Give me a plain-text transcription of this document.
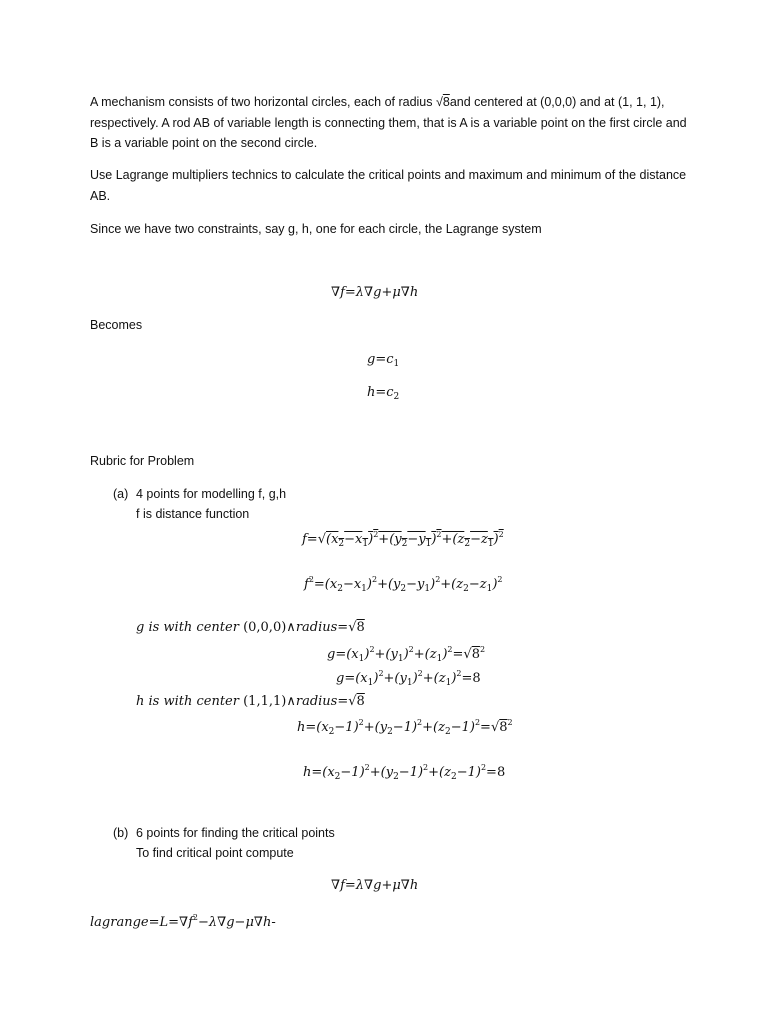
A mechanism consists of two horizontal circles, each of radius √8and centered at (0,0,0) and at (1, 1, 1), respectively. A rod AB of variable length is connecting them, that is A is a variable point on the first circle and B is a variable point on the second circle.

Use Lagrange multipliers technics to calculate the critical points and maximum and minimum of the distance AB.

Since we have two constraints, say g, h, one for each circle, the Lagrange system

∇f=λ∇g+μ∇h
Becomes
$g=c_1$
$h=c_2$
Rubric for Problem
(a) 4 points for modelling f, g,h
f is distance function
$f=√(x_2-x_1)^2+(y_2-y_1)^2+(z_2-z_1)^2$
$f^2=(x_2-x_1)^2+(y_2-y_1)^2+(z_2-z_1)^2$
g is with center (0,0,0)∧radius=√8
$g=(x_1)^2+(y_1)^2+(z_1)^2=√8^2$
$g=(x_1)^2+(y_1)^2+(z_1)^2=8$
h is with center (1,1,1)∧radius=√8
$h=(x_2-1)^2+(y_2-1)^2+(z_2-1)^2=√8^2$
$h=(x_2-1)^2+(y_2-1)^2+(z_2-1)^2=8$
(b) 6 points for finding the critical points
To find critical point compute
∇f=λ∇g+μ∇h
$lagrange=L=\nabla f^2-\lambda\nabla g-\mu\nabla h-$
